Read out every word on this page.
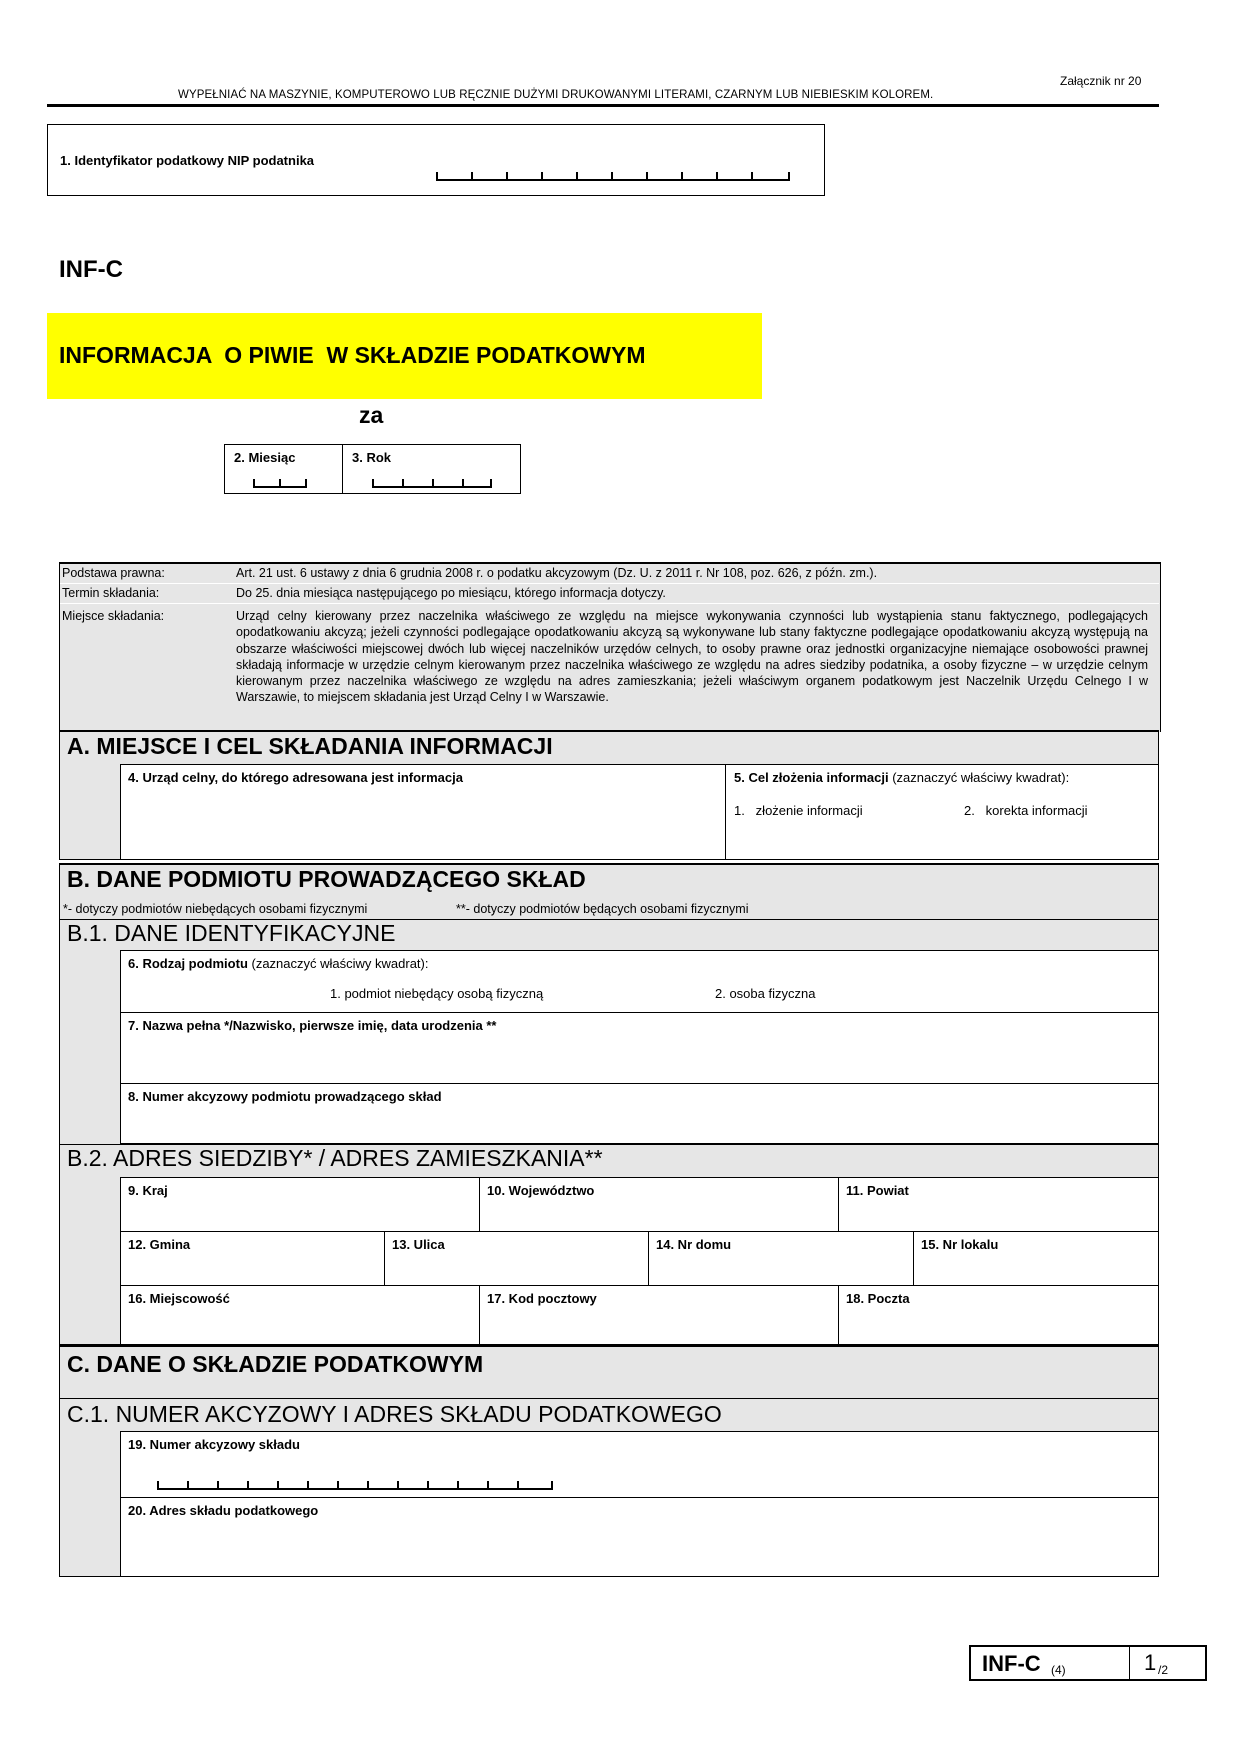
Załącznik nr 20
WYPEŁNIAĆ NA MASZYNIE, KOMPUTEROWO LUB RĘCZNIE DUŻYMI DRUKOWANYMI LITERAMI, CZARNYM LUB NIEBIESKIM KOLOREM.
1. Identyfikator podatkowy NIP podatnika
INF-C
INFORMACJA  O PIWIE  W SKŁADZIE PODATKOWYM
za
2. Miesiąc	3. Rok
Podstawa prawna:	Art. 21 ust. 6 ustawy z dnia 6 grudnia 2008 r. o podatku akcyzowym (Dz. U. z 2011 r. Nr 108, poz. 626, z późn. zm.).
Termin składania:	Do 25. dnia miesiąca następującego po miesiącu, którego informacja dotyczy.
Miejsce składania:	Urząd celny kierowany przez naczelnika właściwego ze względu na miejsce wykonywania czynności lub wystąpienia stanu faktycznego, podlegających opodatkowaniu akcyzą; jeżeli czynności podlegające opodatkowaniu akcyzą są wykonywane lub stany faktyczne podlegające opodatkowaniu akcyzą występują na obszarze właściwości miejscowej dwóch lub więcej naczelników urzędów celnych, to osoby prawne oraz jednostki organizacyjne niemające osobowości prawnej składają informacje w urzędzie celnym kierowanym przez naczelnika właściwego ze względu na adres siedziby podatnika, a osoby fizyczne – w urzędzie celnym kierowanym przez naczelnika właściwego ze względu na adres zamieszkania; jeżeli właściwym organem podatkowym jest Naczelnik Urzędu Celnego I w Warszawie, to miejscem składania jest Urząd Celny I w Warszawie.
A. MIEJSCE I CEL SKŁADANIA INFORMACJI
4. Urząd celny, do którego adresowana jest informacja	5. Cel złożenia informacji (zaznaczyć właściwy kwadrat):
1.   złożenie informacji	2.   korekta informacji
B. DANE PODMIOTU PROWADZĄCEGO SKŁAD
*- dotyczy podmiotów niebędących osobami fizycznymi	**- dotyczy podmiotów będących osobami fizycznymi
B.1. DANE IDENTYFIKACYJNE
6. Rodzaj podmiotu (zaznaczyć właściwy kwadrat):
1. podmiot niebędący osobą fizyczną	2. osoba fizyczna
7. Nazwa pełna */Nazwisko, pierwsze imię, data urodzenia **
8. Numer akcyzowy podmiotu prowadzącego skład
B.2. ADRES SIEDZIBY* / ADRES ZAMIESZKANIA**
9. Kraj	10. Województwo	11. Powiat
12. Gmina	13. Ulica	14. Nr domu	15. Nr lokalu
16. Miejscowość	17. Kod pocztowy	18. Poczta
C. DANE O SKŁADZIE PODATKOWYM
C.1. NUMER AKCYZOWY I ADRES SKŁADU PODATKOWEGO
19. Numer akcyzowy składu
20. Adres składu podatkowego
INF-C (4)	1 /2
